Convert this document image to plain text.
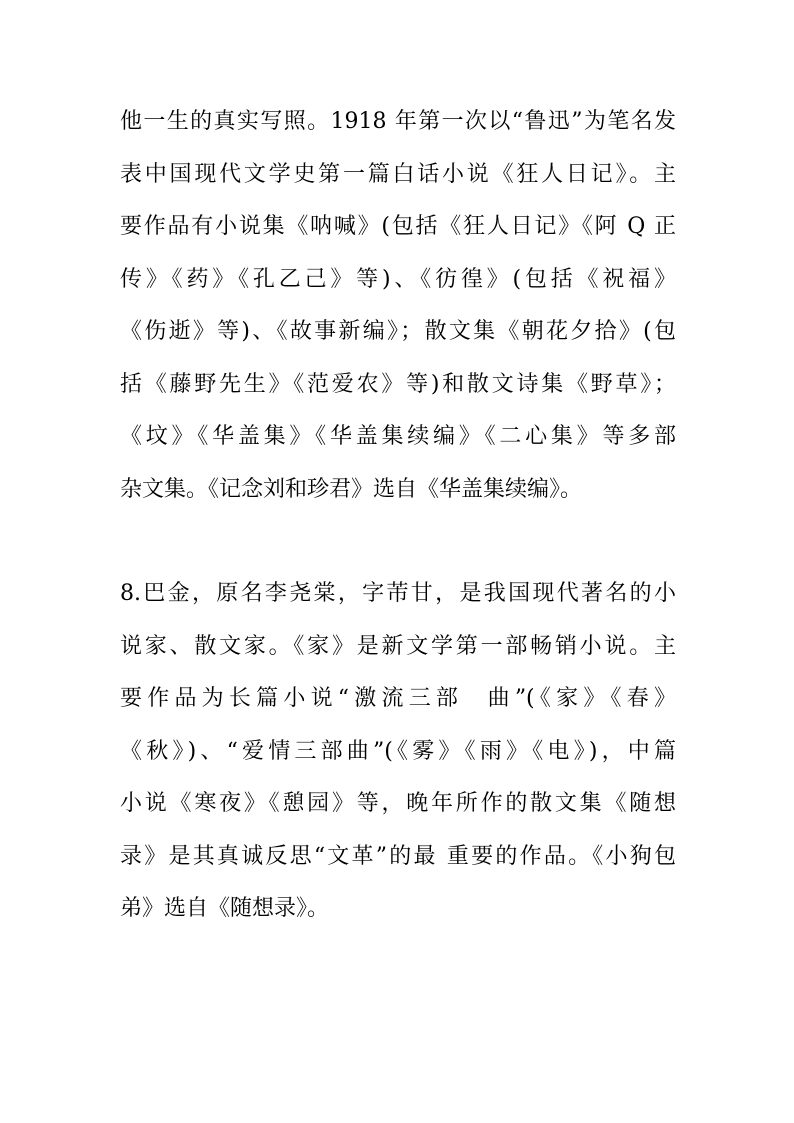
他一生的真实写照。1918 年第一次以“鲁迅”为笔名发
表中国现代文学史第一篇白话小说《狂人日记》。主
要作品有小说集《呐喊》(包括《狂人日记》《阿 Q 正
传》《药》《孔乙己》等)、《彷徨》(包括《祝福》
《伤逝》等)、《故事新编》；散文集《朝花夕拾》(包
括《藤野先生》《范爱农》等)和散文诗集《野草》；
《坟》《华盖集》《华盖集续编》《二心集》等多部
杂文集。《记念刘和珍君》选自《华盖集续编》。
8.巴金，原名李尧棠，字芾甘，是我国现代著名的小
说家、散文家。《家》是新文学第一部畅销小说。主
要作品为长篇小说“激流三部  曲”(《家》《春》
《秋》)、“爱情三部曲”(《雾》《雨》《电》)，中篇
小说《寒夜》《憩园》等，晚年所作的散文集《随想
录》是其真诚反思“文革”的最 重要的作品。《小狗包
弟》选自《随想录》。
